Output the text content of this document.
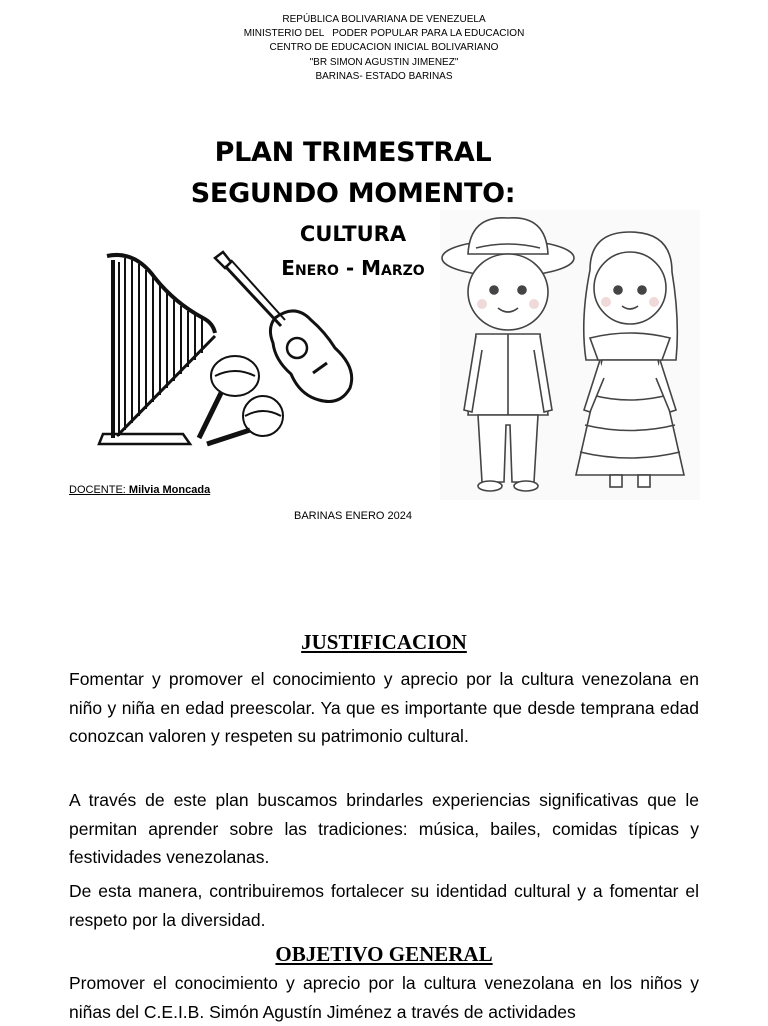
REPÚBLICA BOLIVARIANA DE VENEZUELA
MINISTERIO DEL   PODER POPULAR PARA LA EDUCACION
CENTRO DE EDUCACION INICIAL BOLIVARIANO
"BR SIMON AGUSTIN JIMENEZ"
BARINAS- ESTADO BARINAS
PLAN TRIMESTRAL
SEGUNDO MOMENTO:
CULTURA
Enero - Marzo
DOCENTE: Milvia Moncada
BARINAS ENERO 2024
JUSTIFICACION
Fomentar y promover el conocimiento y aprecio por la cultura venezolana en niño y niña en edad preescolar. Ya que es importante que desde temprana edad conozcan valoren y respeten su patrimonio cultural.
A través de este plan buscamos brindarles experiencias significativas que le permitan aprender sobre las tradiciones: música, bailes, comidas típicas y festividades venezolanas.
De esta manera, contribuiremos fortalecer su identidad cultural y a fomentar el respeto por la diversidad.
OBJETIVO GENERAL
Promover el conocimiento y aprecio por la cultura venezolana en los niños y niñas del C.E.I.B. Simón Agustín Jiménez a través de actividades
